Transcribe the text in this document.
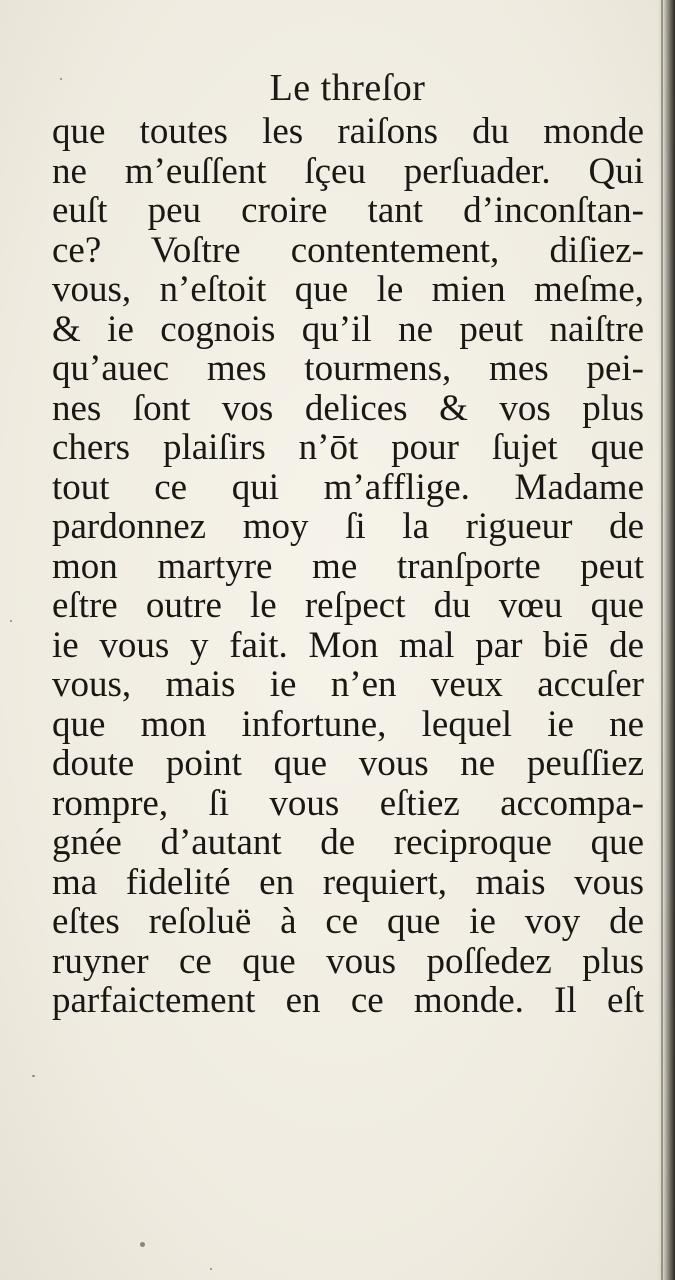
Le threſor
que toutes les raiſons du monde
ne m’euſſent ſçeu perſuader. Qui
euſt peu croire tant d’inconſtan-
ce? Voſtre contentement, diſiez-
vous, n’eſtoit que le mien meſme,
& ie cognois qu’il ne peut naiſtre
qu’auec mes tourmens, mes pei-
nes ſont vos delices & vos plus
chers plaiſirs n’ōt pour ſujet que
tout ce qui m’afflige. Madame
pardonnez moy ſi la rigueur de
mon martyre me tranſporte peut
eſtre outre le reſpect du vœu que
ie vous y fait. Mon mal par biē de
vous, mais ie n’en veux accuſer
que mon infortune, lequel ie ne
doute point que vous ne peuſſiez
rompre, ſi vous eſtiez accompa-
gnée d’autant de reciproque que
ma fidelité en requiert, mais vous
eſtes reſoluë à ce que ie voy de
ruyner ce que vous poſſedez plus
parfaictement en ce monde. Il eſt
